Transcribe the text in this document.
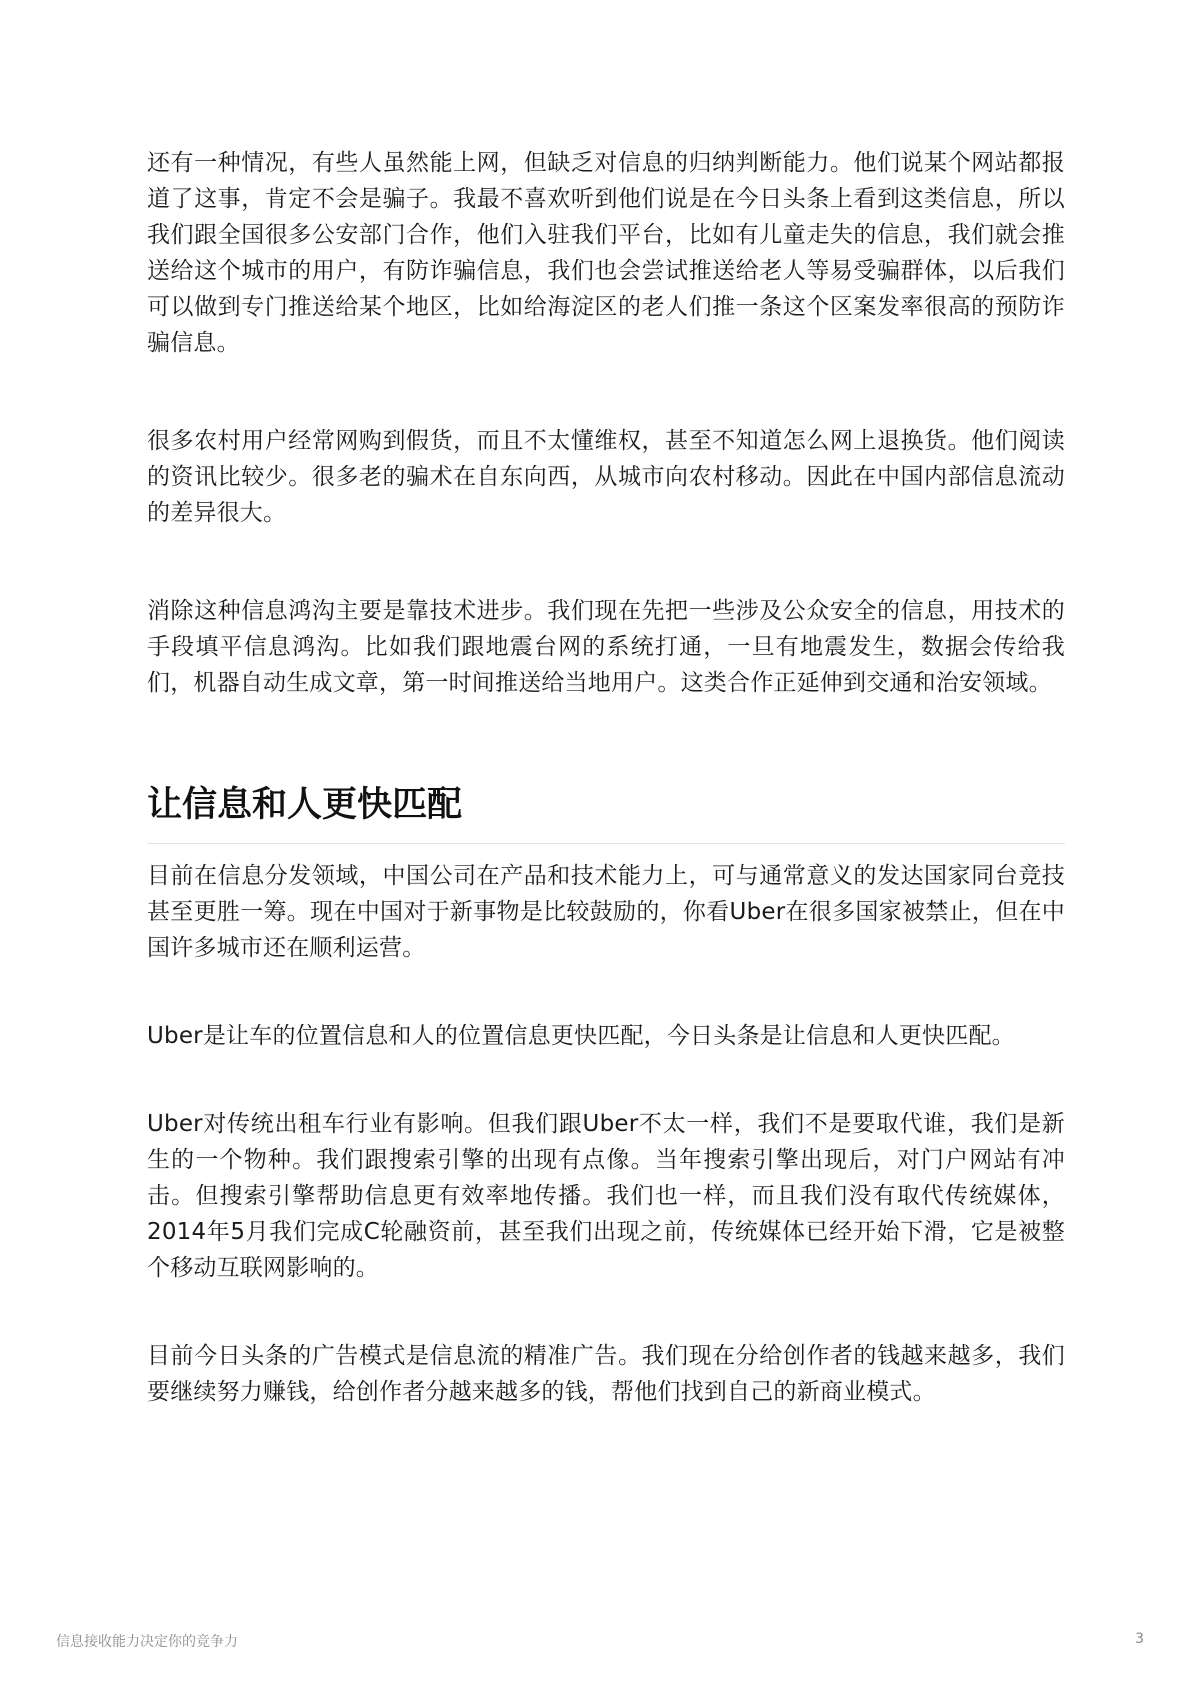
还有一种情况，有些人虽然能上网，但缺乏对信息的归纳判断能力。他们说某个网站都报道了这事，肯定不会是骗子。我最不喜欢听到他们说是在今日头条上看到这类信息，所以我们跟全国很多公安部门合作，他们入驻我们平台，比如有儿童走失的信息，我们就会推送给这个城市的用户，有防诈骗信息，我们也会尝试推送给老人等易受骗群体，以后我们可以做到专门推送给某个地区，比如给海淀区的老人们推一条这个区案发率很高的预防诈骗信息。

很多农村用户经常网购到假货，而且不太懂维权，甚至不知道怎么网上退换货。他们阅读的资讯比较少。很多老的骗术在自东向西，从城市向农村移动。因此在中国内部信息流动的差异很大。

消除这种信息鸿沟主要是靠技术进步。我们现在先把一些涉及公众安全的信息，用技术的手段填平信息鸿沟。比如我们跟地震台网的系统打通，一旦有地震发生，数据会传给我们，机器自动生成文章，第一时间推送给当地用户。这类合作正延伸到交通和治安领域。

让信息和人更快匹配

目前在信息分发领域，中国公司在产品和技术能力上，可与通常意义的发达国家同台竞技甚至更胜一筹。现在中国对于新事物是比较鼓励的，你看Uber在很多国家被禁止，但在中国许多城市还在顺利运营。

Uber是让车的位置信息和人的位置信息更快匹配，今日头条是让信息和人更快匹配。

Uber对传统出租车行业有影响。但我们跟Uber不太一样，我们不是要取代谁，我们是新生的一个物种。我们跟搜索引擎的出现有点像。当年搜索引擎出现后，对门户网站有冲击。但搜索引擎帮助信息更有效率地传播。我们也一样，而且我们没有取代传统媒体，2014年5月我们完成C轮融资前，甚至我们出现之前，传统媒体已经开始下滑，它是被整个移动互联网影响的。

目前今日头条的广告模式是信息流的精准广告。我们现在分给创作者的钱越来越多，我们要继续努力赚钱，给创作者分越来越多的钱，帮他们找到自己的新商业模式。

信息接收能力决定你的竞争力	3
